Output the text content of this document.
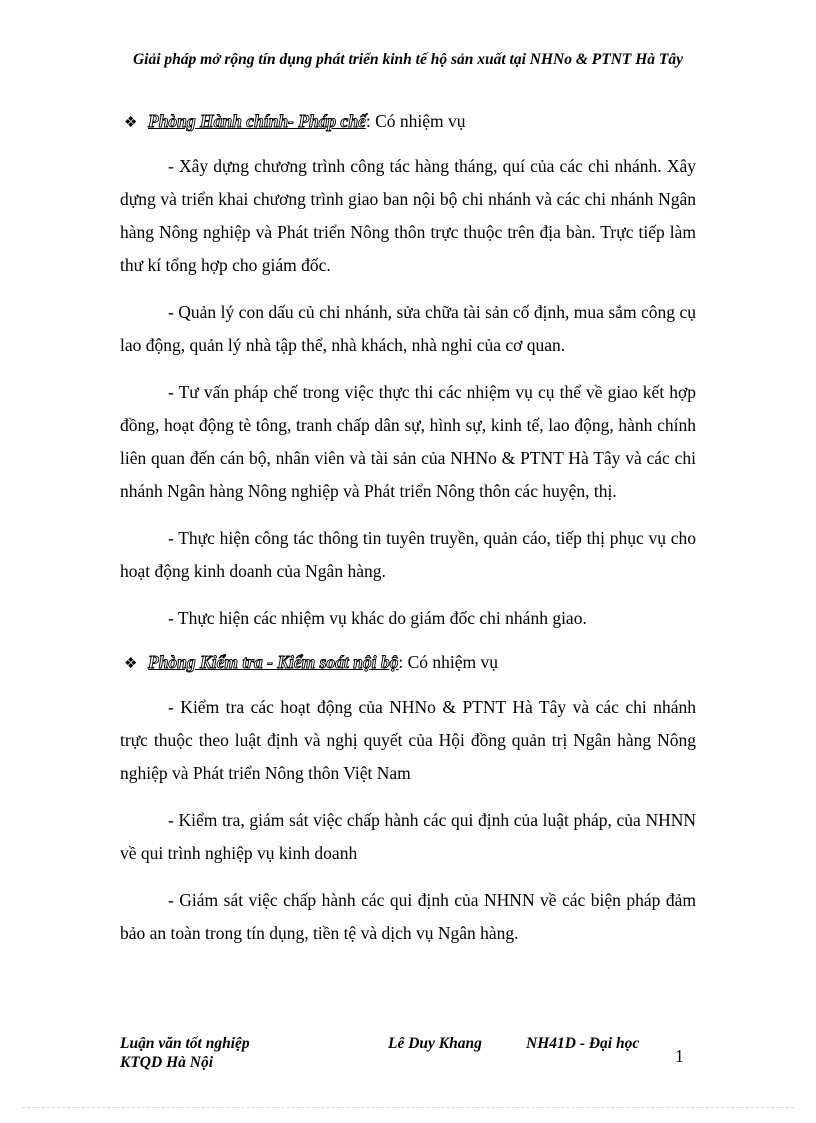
Giải pháp mở rộng tín dụng phát triển kinh tế hộ sản xuất tại NHNo & PTNT Hà Tây
❖ Phòng Hành chính- Pháp chế: Có nhiệm vụ

- Xây dựng chương trình công tác hàng tháng, quí của các chi nhánh. Xây dựng và triển khai chương trình giao ban nội bộ chi nhánh và các chi nhánh Ngân hàng Nông nghiệp và Phát triển Nông thôn trực thuộc trên địa bàn. Trực tiếp làm thư kí tổng hợp cho giám đốc.

- Quản lý con dấu củ chi nhánh, sửa chữa tài sản cố định, mua sắm công cụ lao động, quản lý nhà tập thể, nhà khách, nhà nghỉ của cơ quan.

- Tư vấn pháp chế trong việc thực thi các nhiệm vụ cụ thể về giao kết hợp đồng, hoạt động tè tông, tranh chấp dân sự, hình sự, kinh tế, lao động, hành chính liên quan đến cán bộ, nhân viên và tài sản của NHNo & PTNT Hà Tây và các chi nhánh Ngân hàng Nông nghiệp và Phát triển Nông thôn các huyện, thị.

- Thực hiện công tác thông tin tuyên truyền, quản cáo, tiếp thị phục vụ cho hoạt động kinh doanh của Ngân hàng.

- Thực hiện các nhiệm vụ khác do giám đốc chi nhánh giao.

❖ Phòng Kiểm tra - Kiểm soát nội bộ: Có nhiệm vụ

- Kiểm tra các hoạt động của NHNo & PTNT Hà Tây và các chi nhánh trực thuộc theo luật định và nghị quyết của Hội đồng quản trị Ngân hàng Nông nghiệp và Phát triển Nông thôn Việt Nam

- Kiểm tra, giám sát việc chấp hành các qui định của luật pháp, của NHNN về qui trình nghiệp vụ kinh doanh

- Giám sát việc chấp hành các qui định của NHNN về các biện pháp đảm bảo an toàn trong tín dụng, tiền tệ và dịch vụ Ngân hàng.

Luận văn tốt nghiệp
KTQD Hà Nội
Lê Duy Khang	NH41D - Đại học
1
